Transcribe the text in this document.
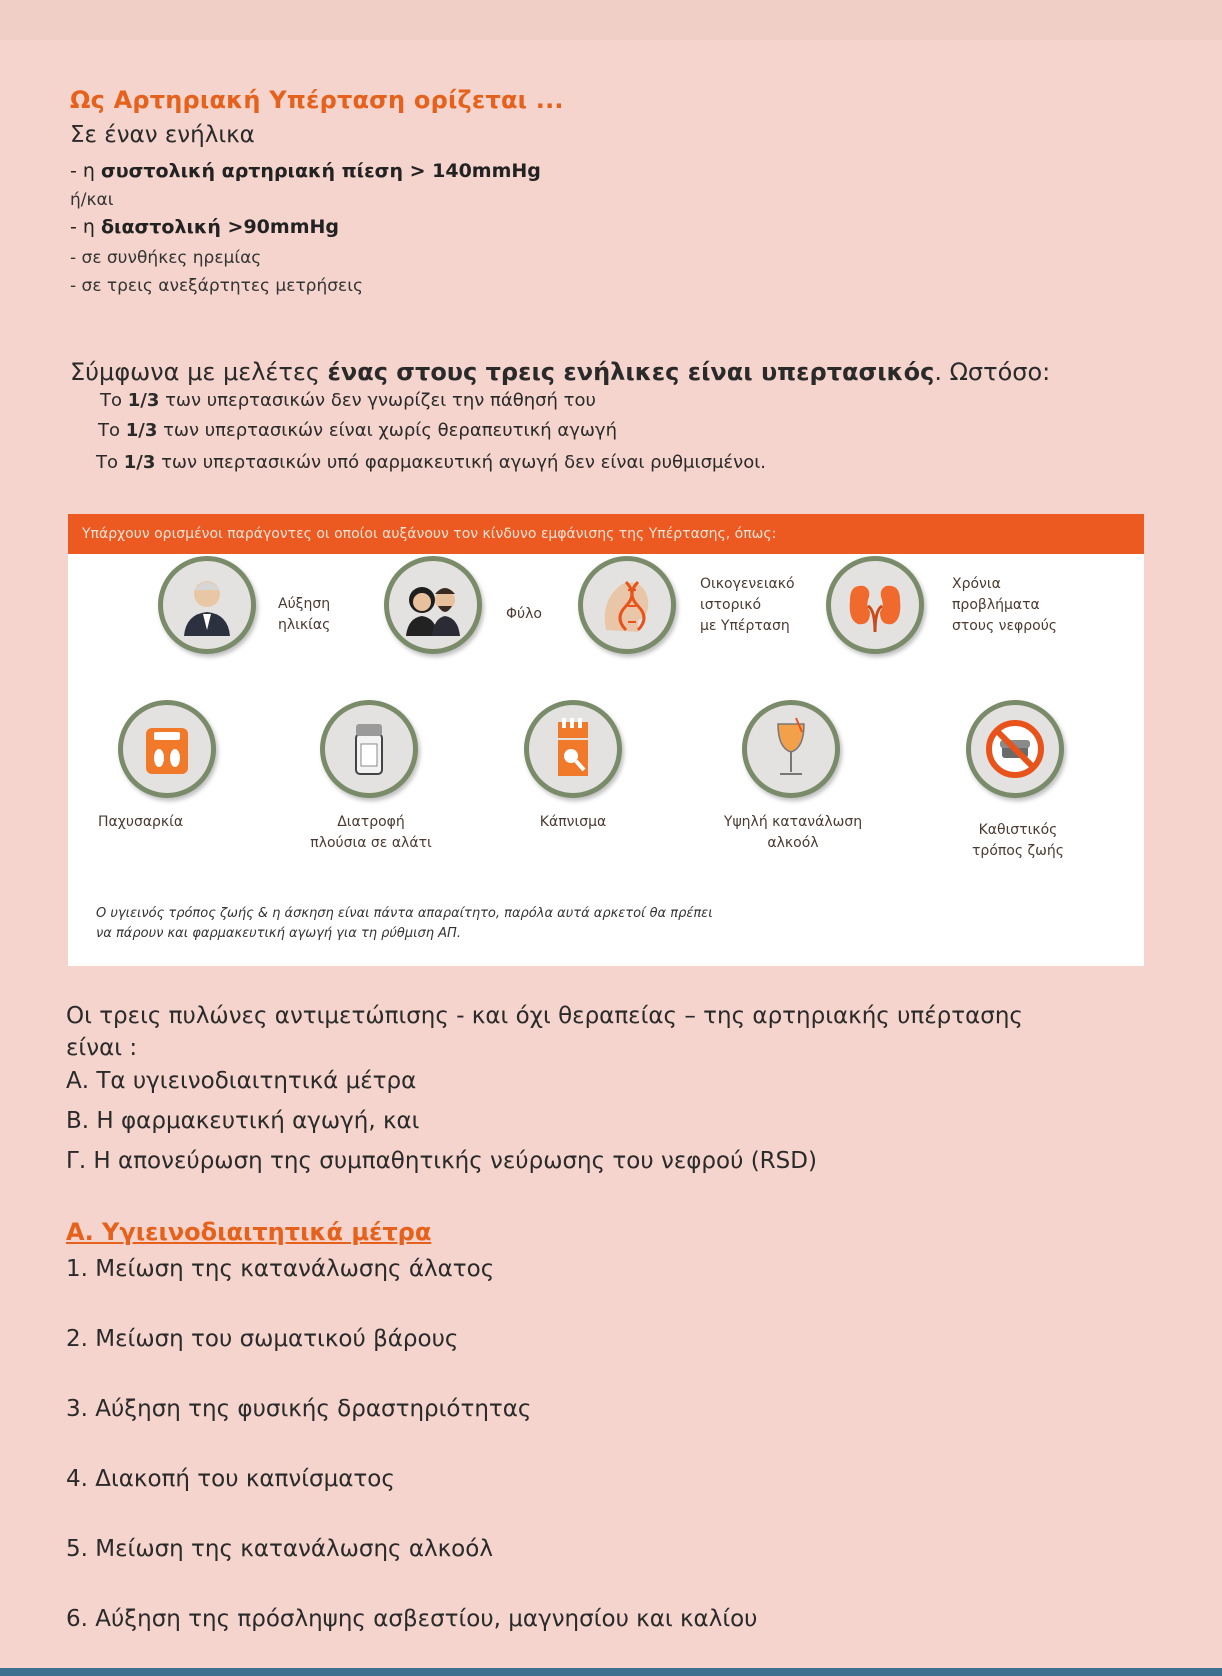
Ως Αρτηριακή Υπέρταση ορίζεται ...
Σε έναν ενήλικα
- η συστολική αρτηριακή πίεση > 140mmHg
ή/και
- η διαστολική >90mmHg
- σε συνθήκες ηρεμίας
- σε τρεις ανεξάρτητες μετρήσεις
Σύμφωνα με μελέτες ένας στους τρεις ενήλικες είναι υπερτασικός. Ωστόσο:
Το 1/3 των υπερτασικών δεν γνωρίζει την πάθησή του
Το 1/3 των υπερτασικών είναι χωρίς θεραπευτική αγωγή
Το 1/3 των υπερτασικών υπό φαρμακευτική αγωγή δεν είναι ρυθμισμένοι.
Υπάρχουν ορισμένοι παράγοντες οι οποίοι αυξάνουν τον κίνδυνο εμφάνισης της Υπέρτασης, όπως:
Αύξηση
ηλικίας
Φύλο
Οικογενειακό
ιστορικό
με Υπέρταση
Χρόνια
προβλήματα
στους νεφρούς
Παχυσαρκία	Διατροφή
πλούσια σε αλάτι
Κάπνισμα	Υψηλή κατανάλωση
αλκοόλ
Καθιστικός
τρόπος ζωής
Ο υγιεινός τρόπος ζωής & η άσκηση είναι πάντα απαραίτητο, παρόλα αυτά αρκετοί θα πρέπει
να πάρουν και φαρμακευτική αγωγή για τη ρύθμιση ΑΠ.
Οι τρεις πυλώνες αντιμετώπισης - και όχι θεραπείας – της αρτηριακής υπέρτασης
είναι :
Α. Τα υγιεινοδιαιτητικά μέτρα
Β. Η φαρμακευτική αγωγή, και
Γ. Η απονεύρωση της συμπαθητικής νεύρωσης του νεφρού (RSD)
Α. Υγιεινοδιαιτητικά μέτρα
1. Μείωση της κατανάλωσης άλατος
2. Μείωση του σωματικού βάρους
3. Αύξηση της φυσικής δραστηριότητας
4. Διακοπή του καπνίσματος
5. Μείωση της κατανάλωσης αλκοόλ
6. Αύξηση της πρόσληψης ασβεστίου, μαγνησίου και καλίου
